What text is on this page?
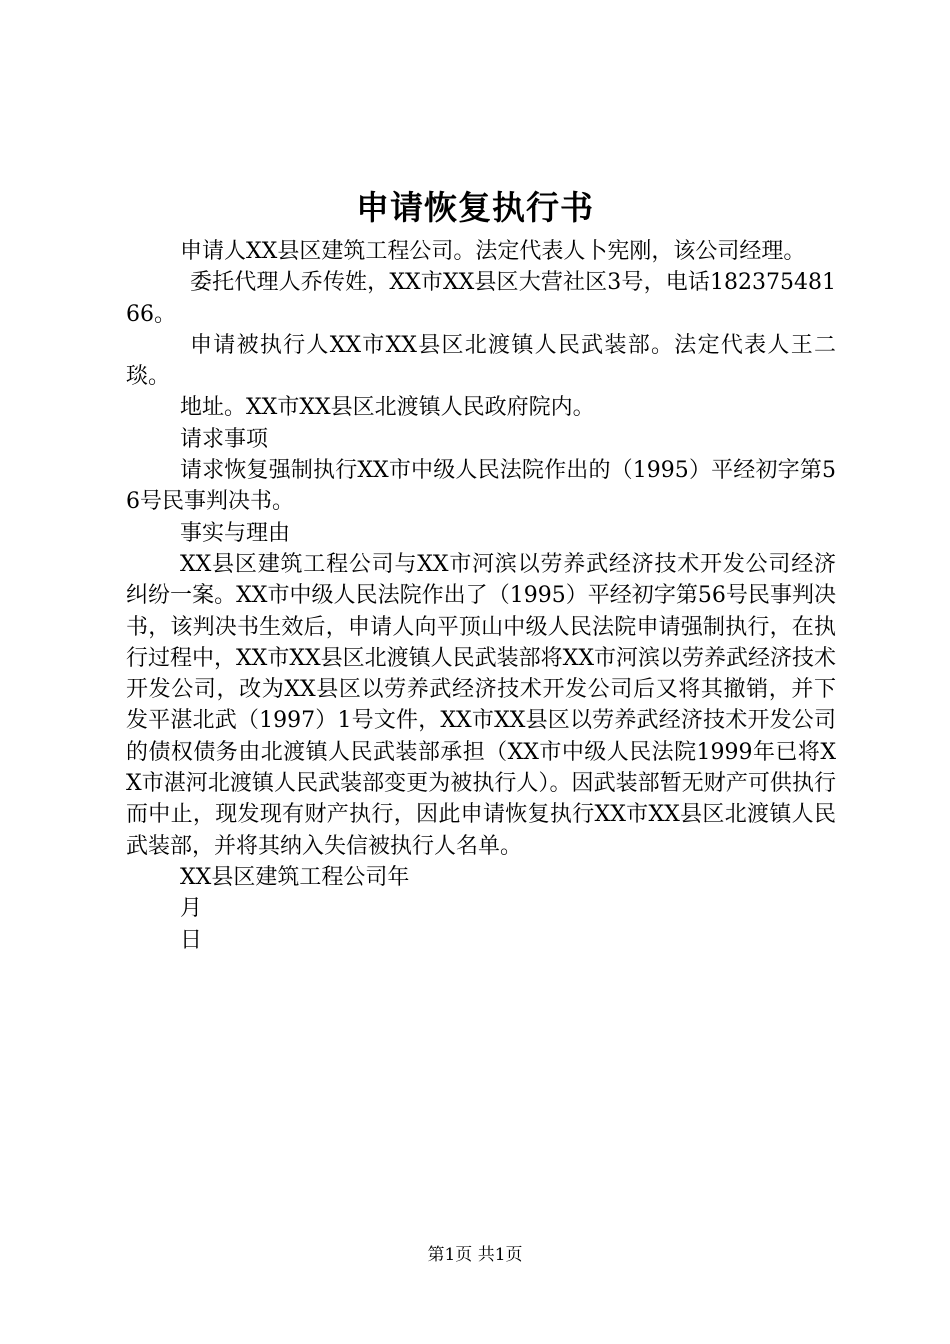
申请恢复执行书

申请人XX县区建筑工程公司。法定代表人卜宪刚，该公司经理。

委托代理人乔传姓，XX市XX县区大营社区3号，电话18237548166。

申请被执行人XX市XX县区北渡镇人民武装部。法定代表人王二琰。

地址。XX市XX县区北渡镇人民政府院内。

请求事项

请求恢复强制执行XX市中级人民法院作出的（1995）平经初字第56号民事判决书。

事实与理由

XX县区建筑工程公司与XX市河滨以劳养武经济技术开发公司经济纠纷一案。XX市中级人民法院作出了（1995）平经初字第56号民事判决书，该判决书生效后，申请人向平顶山中级人民法院申请强制执行，在执行过程中，XX市XX县区北渡镇人民武装部将XX市河滨以劳养武经济技术开发公司，改为XX县区以劳养武经济技术开发公司后又将其撤销，并下发平湛北武（1997）1号文件，XX市XX县区以劳养武经济技术开发公司的债权债务由北渡镇人民武装部承担（XX市中级人民法院1999年已将XX市湛河北渡镇人民武装部变更为被执行人）。因武装部暂无财产可供执行而中止，现发现有财产执行，因此申请恢复执行XX市XX县区北渡镇人民武装部，并将其纳入失信被执行人名单。

XX县区建筑工程公司年

月

日

第1页 共1页
